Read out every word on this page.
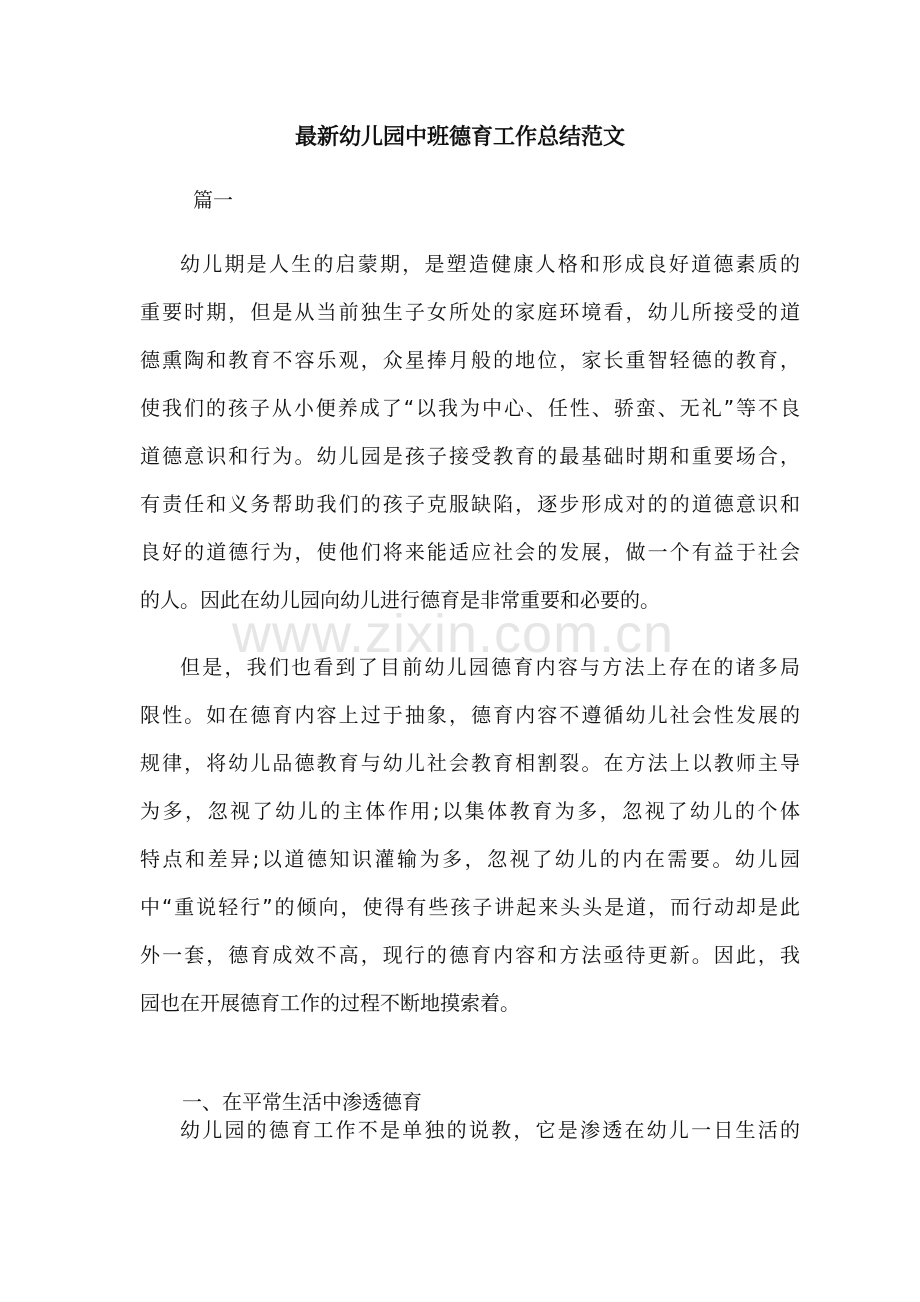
www.zixin.com.cn
最新幼儿园中班德育工作总结范文
篇一
幼儿期是人生的启蒙期，是塑造健康人格和形成良好道德素质的
重要时期，但是从当前独生子女所处的家庭环境看，幼儿所接受的道
德熏陶和教育不容乐观，众星捧月般的地位，家长重智轻德的教育，
使我们的孩子从小便养成了“以我为中心、任性、骄蛮、无礼”等不良
道德意识和行为。幼儿园是孩子接受教育的最基础时期和重要场合，
有责任和义务帮助我们的孩子克服缺陷，逐步形成对的的道德意识和
良好的道德行为，使他们将来能适应社会的发展，做一个有益于社会
的人。因此在幼儿园向幼儿进行德育是非常重要和必要的。
但是，我们也看到了目前幼儿园德育内容与方法上存在的诸多局
限性。如在德育内容上过于抽象，德育内容不遵循幼儿社会性发展的
规律，将幼儿品德教育与幼儿社会教育相割裂。在方法上以教师主导
为多，忽视了幼儿的主体作用;以集体教育为多，忽视了幼儿的个体
特点和差异;以道德知识灌输为多，忽视了幼儿的内在需要。幼儿园
中“重说轻行”的倾向，使得有些孩子讲起来头头是道，而行动却是此
外一套，德育成效不高，现行的德育内容和方法亟待更新。因此，我
园也在开展德育工作的过程不断地摸索着。
一、在平常生活中渗透德育
幼儿园的德育工作不是单独的说教，它是渗透在幼儿一日生活的
